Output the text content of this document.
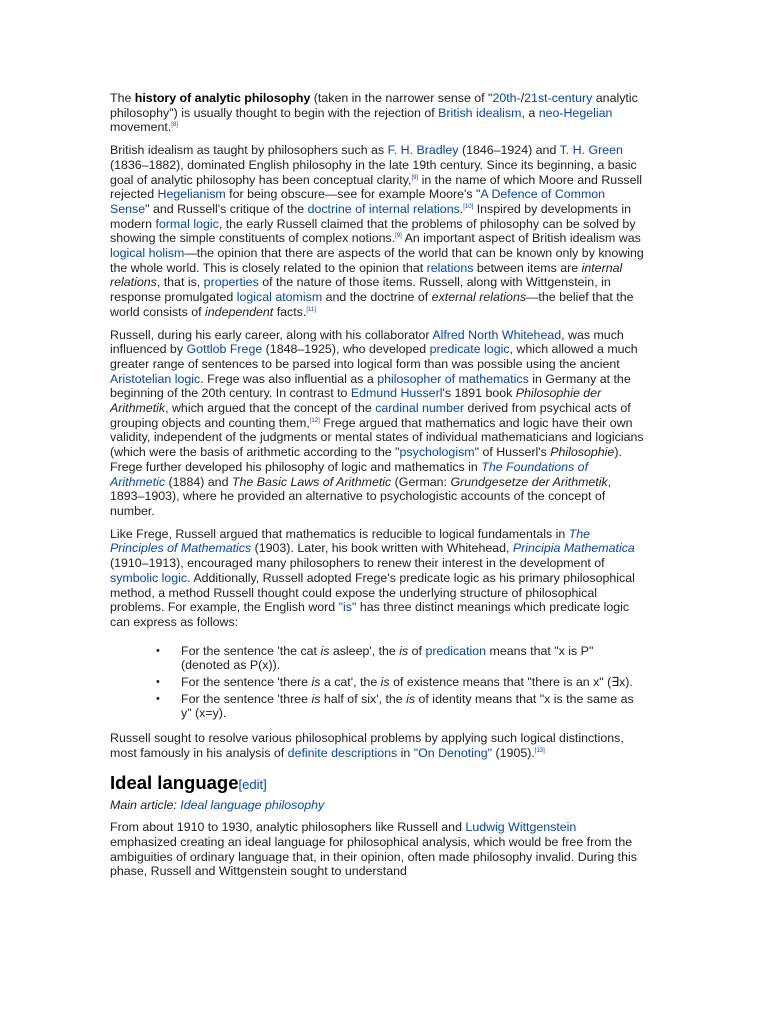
The history of analytic philosophy (taken in the narrower sense of "20th-/21st-century analytic philosophy") is usually thought to begin with the rejection of British idealism, a neo-Hegelian movement.[8]

British idealism as taught by philosophers such as F. H. Bradley (1846–1924) and T. H. Green (1836–1882), dominated English philosophy in the late 19th century. Since its beginning, a basic goal of analytic philosophy has been conceptual clarity,[9] in the name of which Moore and Russell rejected Hegelianism for being obscure—see for example Moore's "A Defence of Common Sense" and Russell's critique of the doctrine of internal relations.[10] Inspired by developments in modern formal logic, the early Russell claimed that the problems of philosophy can be solved by showing the simple constituents of complex notions.[9] An important aspect of British idealism was logical holism—the opinion that there are aspects of the world that can be known only by knowing the whole world. This is closely related to the opinion that relations between items are internal relations, that is, properties of the nature of those items. Russell, along with Wittgenstein, in response promulgated logical atomism and the doctrine of external relations—the belief that the world consists of independent facts.[11]

Russell, during his early career, along with his collaborator Alfred North Whitehead, was much influenced by Gottlob Frege (1848–1925), who developed predicate logic, which allowed a much greater range of sentences to be parsed into logical form than was possible using the ancient Aristotelian logic. Frege was also influential as a philosopher of mathematics in Germany at the beginning of the 20th century. In contrast to Edmund Husserl's 1891 book Philosophie der Arithmetik, which argued that the concept of the cardinal number derived from psychical acts of grouping objects and counting them,[12] Frege argued that mathematics and logic have their own validity, independent of the judgments or mental states of individual mathematicians and logicians (which were the basis of arithmetic according to the "psychologism" of Husserl's Philosophie). Frege further developed his philosophy of logic and mathematics in The Foundations of Arithmetic (1884) and The Basic Laws of Arithmetic (German: Grundgesetze der Arithmetik, 1893–1903), where he provided an alternative to psychologistic accounts of the concept of number.

Like Frege, Russell argued that mathematics is reducible to logical fundamentals in The Principles of Mathematics (1903). Later, his book written with Whitehead, Principia Mathematica (1910–1913), encouraged many philosophers to renew their interest in the development of symbolic logic. Additionally, Russell adopted Frege's predicate logic as his primary philosophical method, a method Russell thought could expose the underlying structure of philosophical problems. For example, the English word "is" has three distinct meanings which predicate logic can express as follows:

• For the sentence 'the cat is asleep', the is of predication means that "x is P" (denoted as P(x)).
• For the sentence 'there is a cat', the is of existence means that "there is an x" (∃x).
• For the sentence 'three is half of six', the is of identity means that "x is the same as y" (x=y).

Russell sought to resolve various philosophical problems by applying such logical distinctions, most famously in his analysis of definite descriptions in "On Denoting" (1905).[13]

Ideal language[edit]
Main article: Ideal language philosophy

From about 1910 to 1930, analytic philosophers like Russell and Ludwig Wittgenstein emphasized creating an ideal language for philosophical analysis, which would be free from the ambiguities of ordinary language that, in their opinion, often made philosophy invalid. During this phase, Russell and Wittgenstein sought to understand
